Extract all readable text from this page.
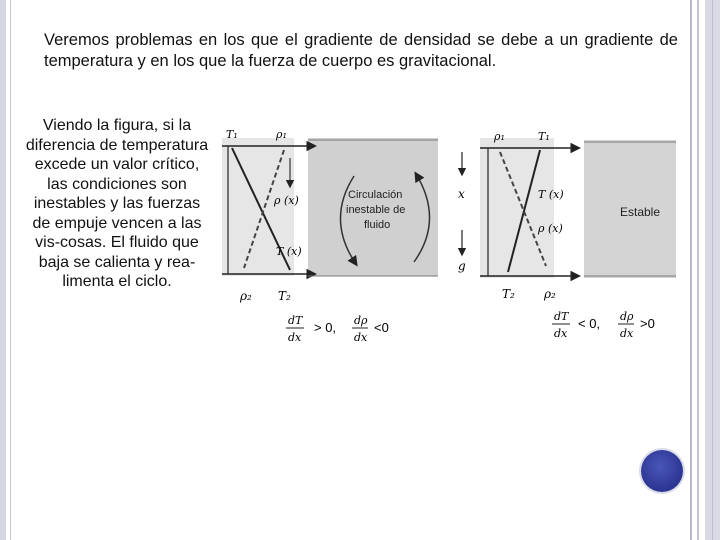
Veremos problemas en los que el gradiente de densidad se debe a un gradiente de temperatura y en los que la fuerza de cuerpo es gravitacional.

Viendo la figura, si la diferencia de temperatura excede un valor crítico, las condiciones son inestables y las fuerzas de empuje vencen a las vis-cosas. El fluido que baja se calienta y rea-limenta el ciclo.

T₁	ρ₁
ρ (x)
T (x)
ρ₂ T₂
Circulación
inestable de
fluido
dT
dx
> 0, dρ
dx
<0
x
g
ρ₁	T₁
T (x)
ρ (x)
T₂ ρ₂
Estable
dT
dx
< 0, dρ
dx
>0
